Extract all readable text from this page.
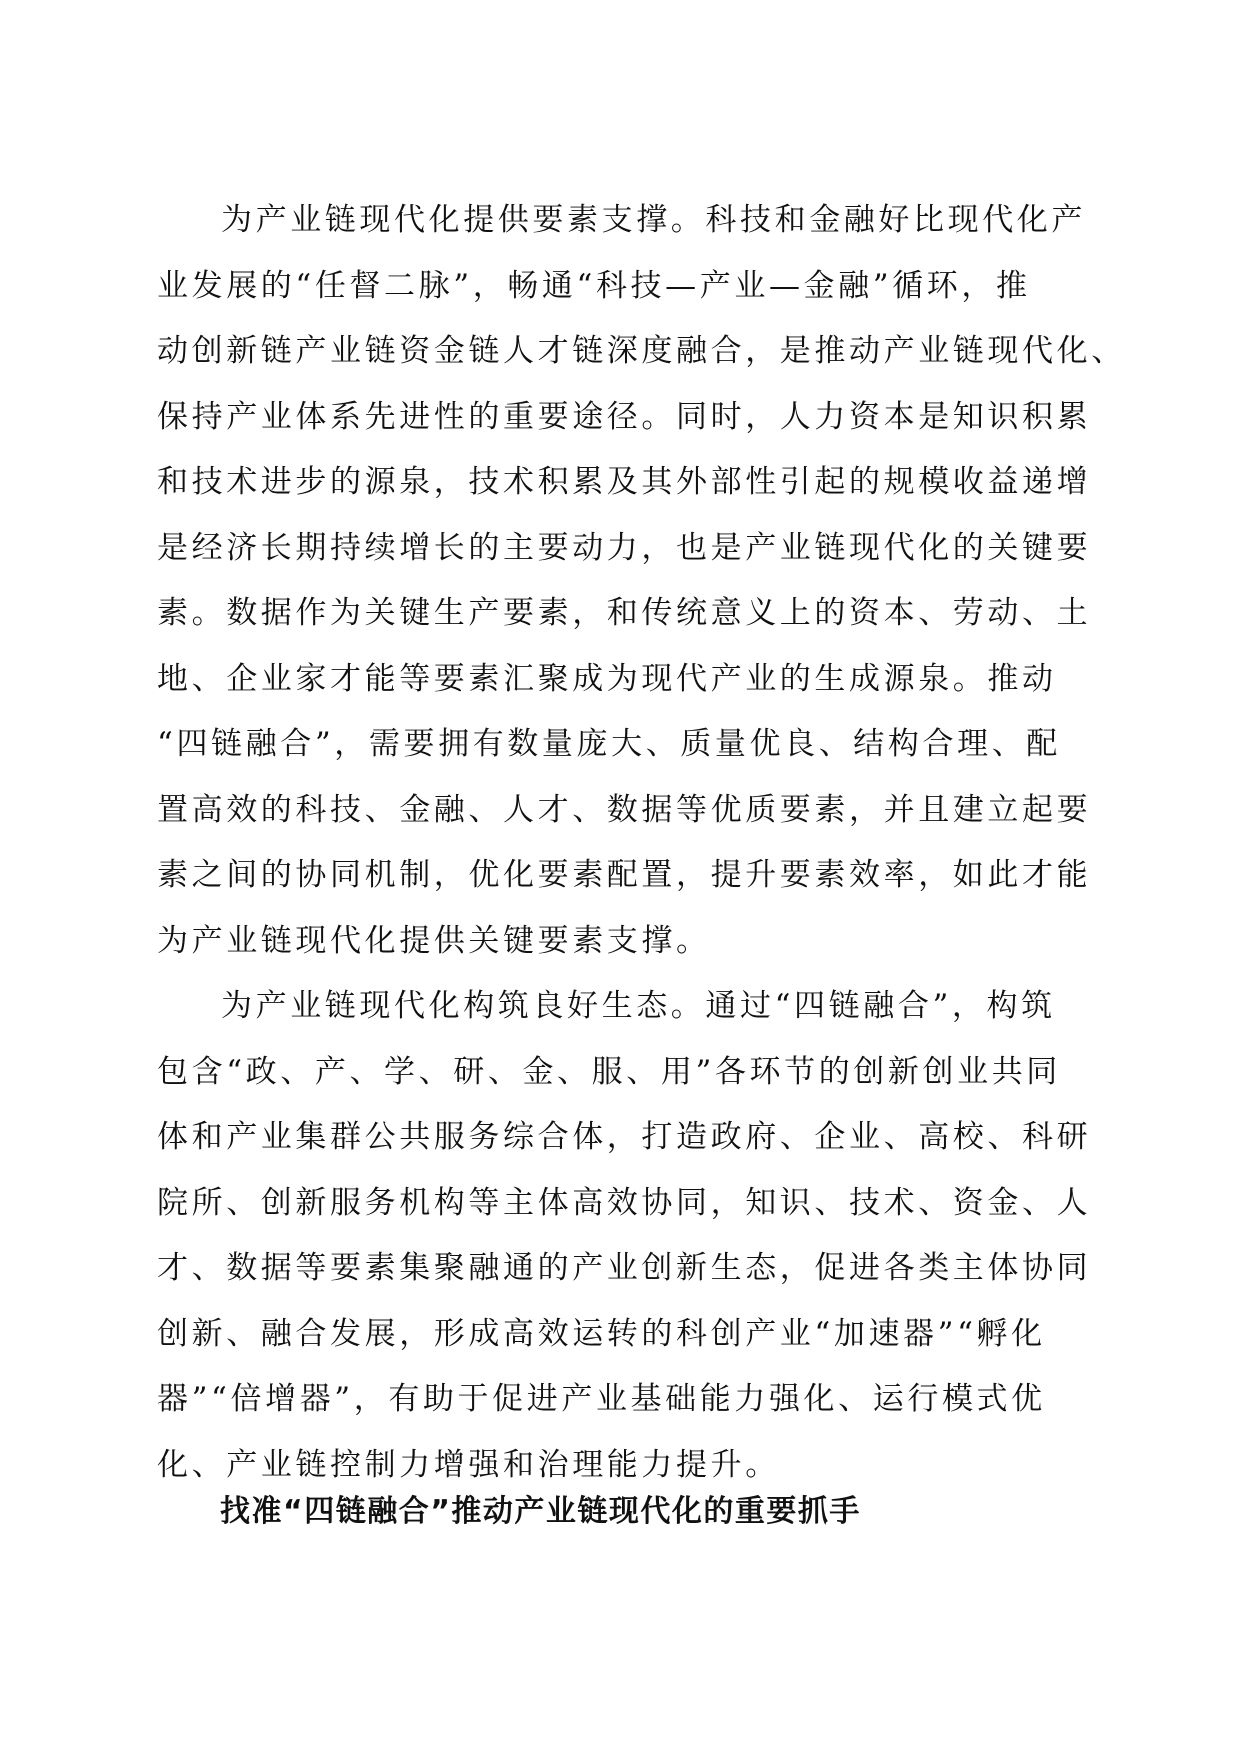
为产业链现代化提供要素支撑。科技和金融好比现代化产
业发展的“任督二脉”，畅通“科技—产业—金融”循环，推
动创新链产业链资金链人才链深度融合，是推动产业链现代化、
保持产业体系先进性的重要途径。同时，人力资本是知识积累
和技术进步的源泉，技术积累及其外部性引起的规模收益递增
是经济长期持续增长的主要动力，也是产业链现代化的关键要
素。数据作为关键生产要素，和传统意义上的资本、劳动、土
地、企业家才能等要素汇聚成为现代产业的生成源泉。推动
“四链融合”，需要拥有数量庞大、质量优良、结构合理、配
置高效的科技、金融、人才、数据等优质要素，并且建立起要
素之间的协同机制，优化要素配置，提升要素效率，如此才能
为产业链现代化提供关键要素支撑。
为产业链现代化构筑良好生态。通过“四链融合”，构筑
包含“政、产、学、研、金、服、用”各环节的创新创业共同
体和产业集群公共服务综合体，打造政府、企业、高校、科研
院所、创新服务机构等主体高效协同，知识、技术、资金、人
才、数据等要素集聚融通的产业创新生态，促进各类主体协同
创新、融合发展，形成高效运转的科创产业“加速器”“孵化
器”“倍增器”，有助于促进产业基础能力强化、运行模式优
化、产业链控制力增强和治理能力提升。
找准“四链融合”推动产业链现代化的重要抓手
